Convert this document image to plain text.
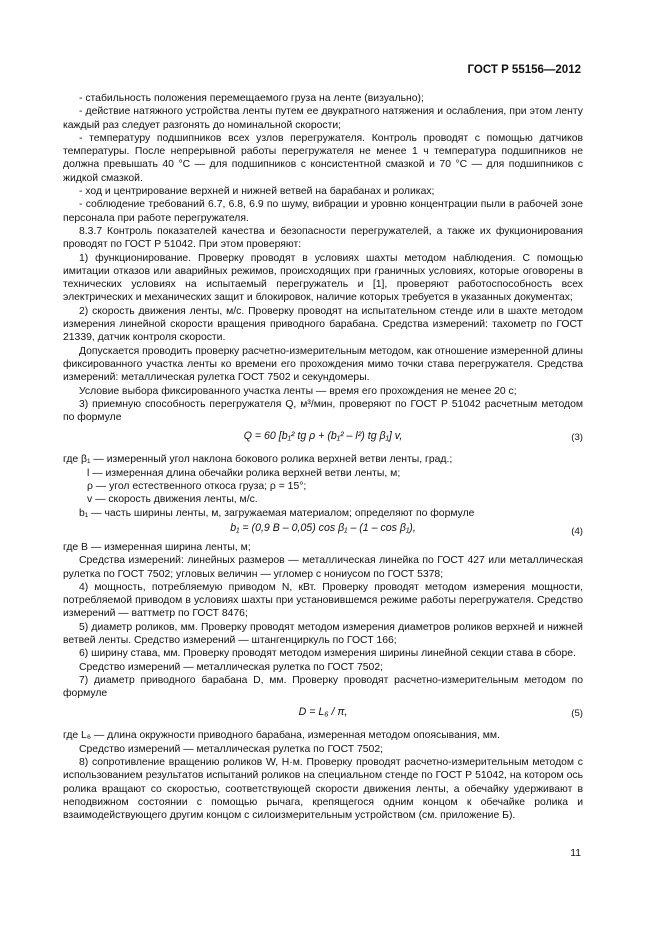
ГОСТ Р 55156—2012

- стабильность положения перемещаемого груза на ленте (визуально);

- действие натяжного устройства ленты путем ее двукратного натяжения и ослабления, при этом ленту каждый раз следует разгонять до номинальной скорости;

- температуру подшипников всех узлов перегружателя. Контроль проводят с помощью датчиков температуры. После непрерывной работы перегружателя не менее 1 ч температура подшипников не должна превышать 40 °С — для подшипников с консистентной смазкой и 70 °С — для подшипников с жидкой смазкой.

- ход и центрирование верхней и нижней ветвей на барабанах и роликах;

- соблюдение требований 6.7, 6.8, 6.9 по шуму, вибрации и уровню концентрации пыли в рабочей зоне персонала при работе перегружателя.

8.3.7 Контроль показателей качества и безопасности перегружателей, а также их фукционирования проводят по ГОСТ Р 51042. При этом проверяют:

1) функционирование. Проверку проводят в условиях шахты методом наблюдения. С помощью имитации отказов или аварийных режимов, происходящих при граничных условиях, которые оговорены в технических условиях на испытаемый перегружатель и [1], проверяют работоспособность всех электрических и механических защит и блокировок, наличие которых требуется в указанных документах;

2) скорость движения ленты, м/с. Проверку проводят на испытательном стенде или в шахте методом измерения линейной скорости вращения приводного барабана. Средства измерений: тахометр по ГОСТ 21339, датчик контроля скорости.

Допускается проводить проверку расчетно-измерительным методом, как отношение измеренной длины фиксированного участка ленты ко времени его прохождения мимо точки става перегружателя. Средства измерений: металлическая рулетка ГОСТ 7502 и секундомеры.

Условие выбора фиксированного участка ленты — время его прохождения не менее 20 с;

3) приемную способность перегружателя Q, м³/мин, проверяют по ГОСТ Р 51042 расчетным методом по формуле

Q = 60 [b₁² tg ρ + (b₁² – l²) tg β₁] v,	(3)

где β₁ — измеренный угол наклона бокового ролика верхней ветви ленты, град.;

l — измеренная длина обечайки ролика верхней ветви ленты, м;

ρ — угол естественного откоса груза; ρ = 15°;

v — скорость движения ленты, м/с.

b₁ — часть ширины ленты, м, загружаемая материалом; определяют по формуле

b₁ = (0,9 B – 0,05) cos β₁ – (1 – cos β₁),	(4)

где B — измеренная ширина ленты, м;

Средства измерений: линейных размеров — металлическая линейка по ГОСТ 427 или металлическая рулетка по ГОСТ 7502; угловых величин — угломер с нониусом по ГОСТ 5378;

4) мощность, потребляемую приводом N, кВт. Проверку проводят методом измерения мощности, потребляемой приводом в условиях шахты при установившемся режиме работы перегружателя. Средство измерений — ваттметр по ГОСТ 8476;

5) диаметр роликов, мм. Проверку проводят методом измерения диаметров роликов верхней и нижней ветвей ленты. Средство измерений — штангенциркуль по ГОСТ 166;

6) ширину става, мм. Проверку проводят методом измерения ширины линейной секции става в сборе.

Средство измерений — металлическая рулетка по ГОСТ 7502;

7) диаметр приводного барабана D, мм. Проверку проводят расчетно-измерительным методом по формуле

D = L₆ / π,	(5)

где L₆ — длина окружности приводного барабана, измеренная методом опоясывания, мм.

Средство измерений — металлическая рулетка по ГОСТ 7502;

8) сопротивление вращению роликов W, Н·м. Проверку проводят расчетно-измерительным методом с использованием результатов испытаний роликов на специальном стенде по ГОСТ Р 51042, на котором ось ролика вращают со скоростью, соответствующей скорости движения ленты, а обечайку удерживают в неподвижном состоянии с помощью рычага, крепящегося одним концом к обечайке ролика и взаимодействующего другим концом с силоизмерительным устройством (см. приложение Б).

11
